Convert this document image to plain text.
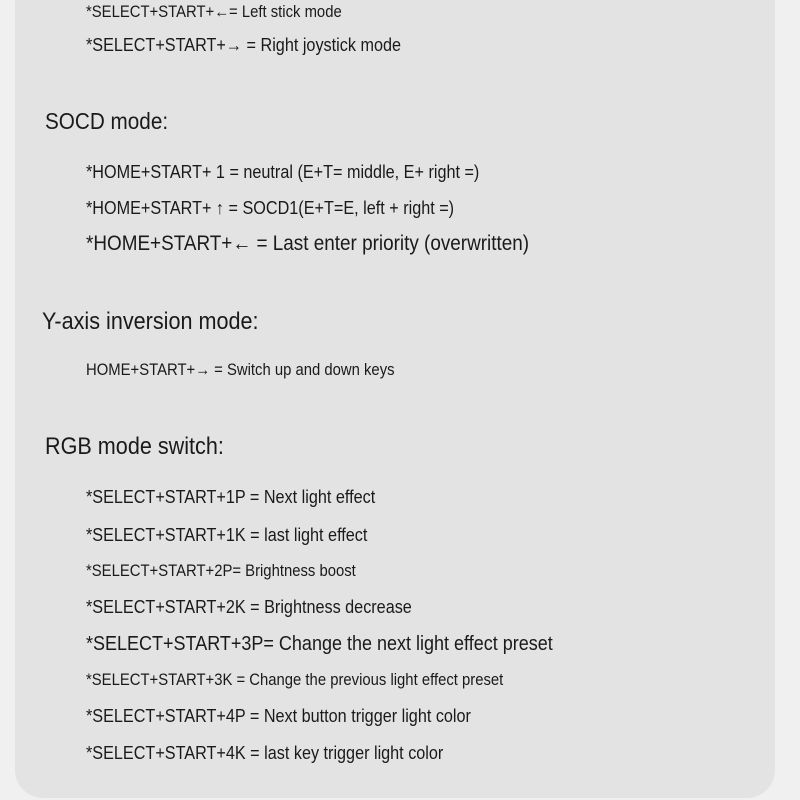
*SELECT+START+←= Left stick mode
*SELECT+START+→ = Right joystick mode
SOCD mode:
*HOME+START+ 1 = neutral (E+T= middle, E+ right =)
*HOME+START+ ↑ = SOCD1(E+T=E, left + right =)
*HOME+START+← = Last enter priority (overwritten)
Y-axis inversion mode:
HOME+START+→ = Switch up and down keys
RGB mode switch:
*SELECT+START+1P = Next light effect
*SELECT+START+1K = last light effect
*SELECT+START+2P= Brightness boost
*SELECT+START+2K = Brightness decrease
*SELECT+START+3P= Change the next light effect preset
*SELECT+START+3K = Change the previous light effect preset
*SELECT+START+4P = Next button trigger light color
*SELECT+START+4K = last key trigger light color
